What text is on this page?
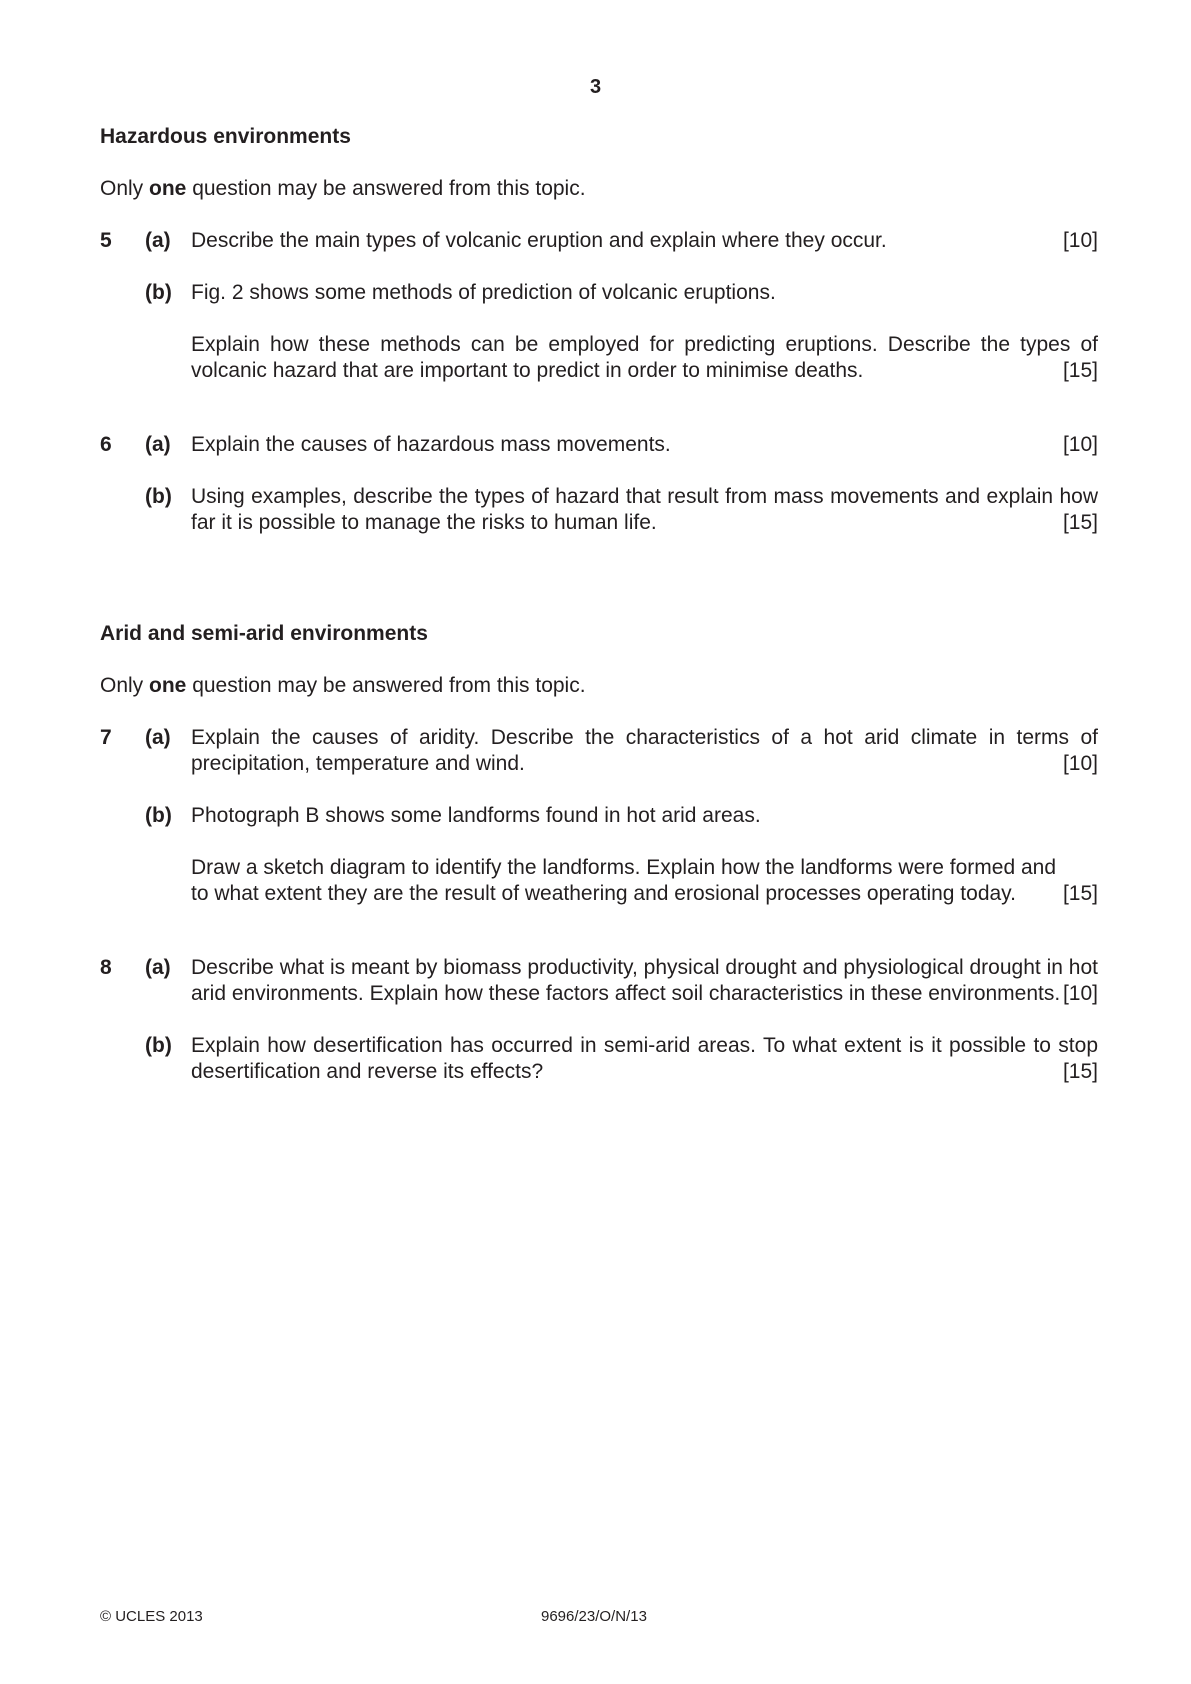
3
Hazardous environments
Only one question may be answered from this topic.
5 (a)	[10]
Describe the main types of volcanic eruption and explain where they occur.
(b) Fig. 2 shows some methods of prediction of volcanic eruptions.
Explain how these methods can be employed for predicting eruptions. Describe the types of volcanic hazard that are important to predict in order to minimise deaths.	[15]
6 (a)	[10]
Explain the causes of hazardous mass movements.
(b) Using examples, describe the types of hazard that result from mass movements and explain how far it is possible to manage the risks to human life.	[15]
Arid and semi-arid environments
Only one question may be answered from this topic.
7 (a) Explain the causes of aridity. Describe the characteristics of a hot arid climate in terms of precipitation, temperature and wind.	[10]
(b) Photograph B shows some landforms found in hot arid areas.
Draw a sketch diagram to identify the landforms. Explain how the landforms were formed and to what extent they are the result of weathering and erosional processes operating today. [15]
8 (a) Describe what is meant by biomass productivity, physical drought and physiological drought in hot arid environments. Explain how these factors affect soil characteristics in these environments. [10]
(b) Explain how desertification has occurred in semi-arid areas. To what extent is it possible to stop desertification and reverse its effects?	[15]
© UCLES 2013	9696/23/O/N/13
